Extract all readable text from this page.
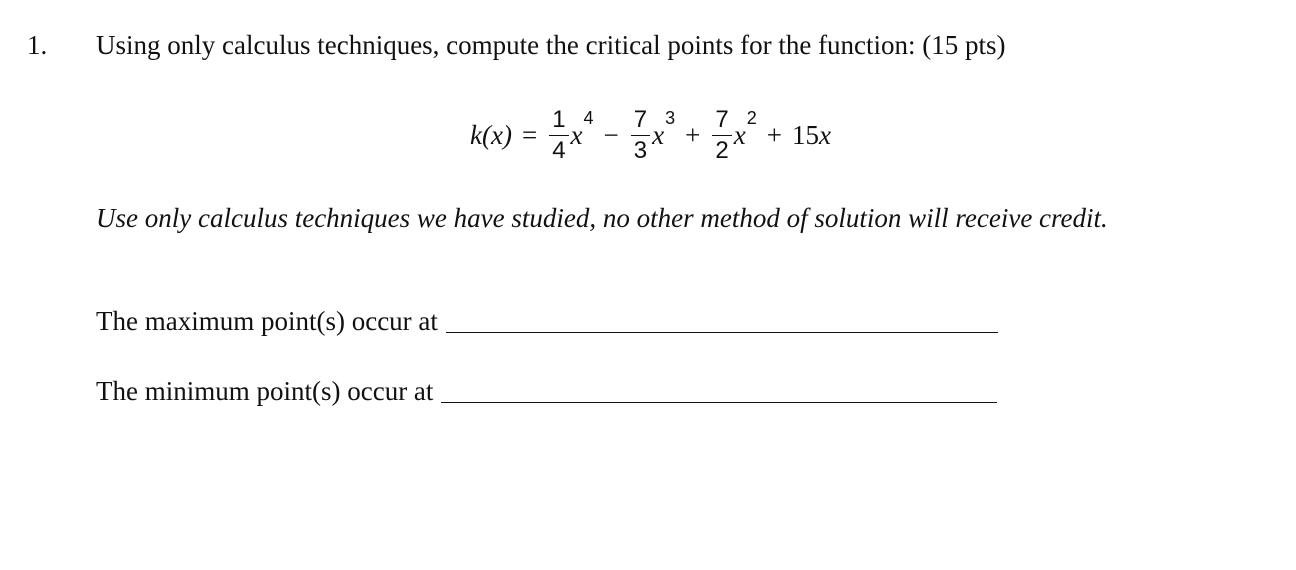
1. Using only calculus techniques, compute the critical points for the function: (15 pts)
$k(x) = \frac{1}{4}$ x
4
− $\frac{7}{3}$ x
3
+ $\frac{7}{2}$ x
2
+ 15 x
Use only calculus techniques we have studied, no other method of solution will receive credit.
The maximum point(s) occur at
The minimum point(s) occur at
